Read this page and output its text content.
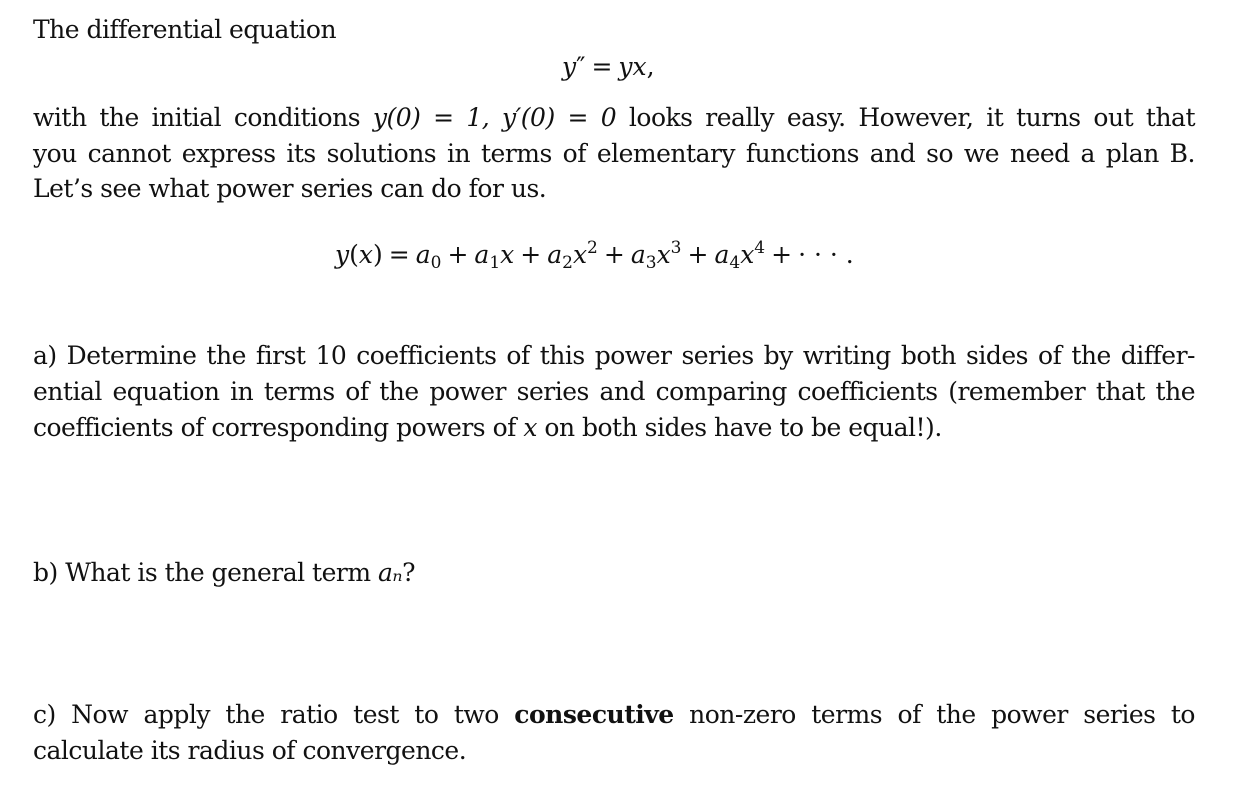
The differential equation
y″ = yx,
with the initial conditions y(0) = 1, y′(0) = 0 looks really easy. However, it turns out that
you cannot express its solutions in terms of elementary functions and so we need a plan B.
Let’s see what power series can do for us.
$y(x) = a_0 + a_1x + a_2x^2 + a_3x^3 + a_4x^4$ + · · · .
a) Determine the first 10 coefficients of this power series by writing both sides of the differ-
ential equation in terms of the power series and comparing coefficients (remember that the
coefficients of corresponding powers of x on both sides have to be equal!).
b) What is the general term aₙ?
c) Now apply the ratio test to two consecutive non-zero terms of the power series to
calculate its radius of convergence.
